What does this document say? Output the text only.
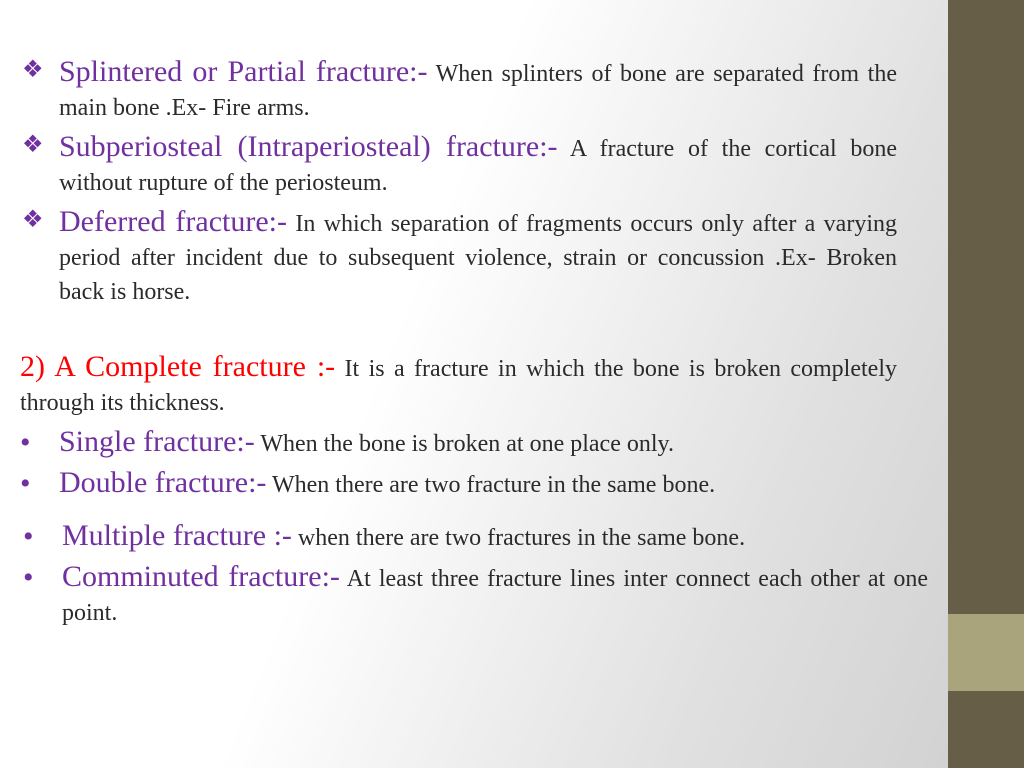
❖ Splintered or Partial fracture:- When splinters of bone are separated from the main bone .Ex- Fire arms.
❖ Subperiosteal (Intraperiosteal) fracture:- A fracture of the cortical bone without rupture of the periosteum.
❖ Deferred fracture:- In which separation of fragments occurs only after a varying period after incident due to subsequent violence, strain or concussion .Ex- Broken back is horse.
2) A Complete fracture :- It is a fracture in which the bone is broken completely through its thickness.
• Single fracture:- When the bone is broken at one place only.
• Double fracture:- When there are two fracture in the same bone.
• Multiple fracture :- when there are two fractures in the same bone.
• Comminuted fracture:- At least three fracture lines inter connect each other at one point.
